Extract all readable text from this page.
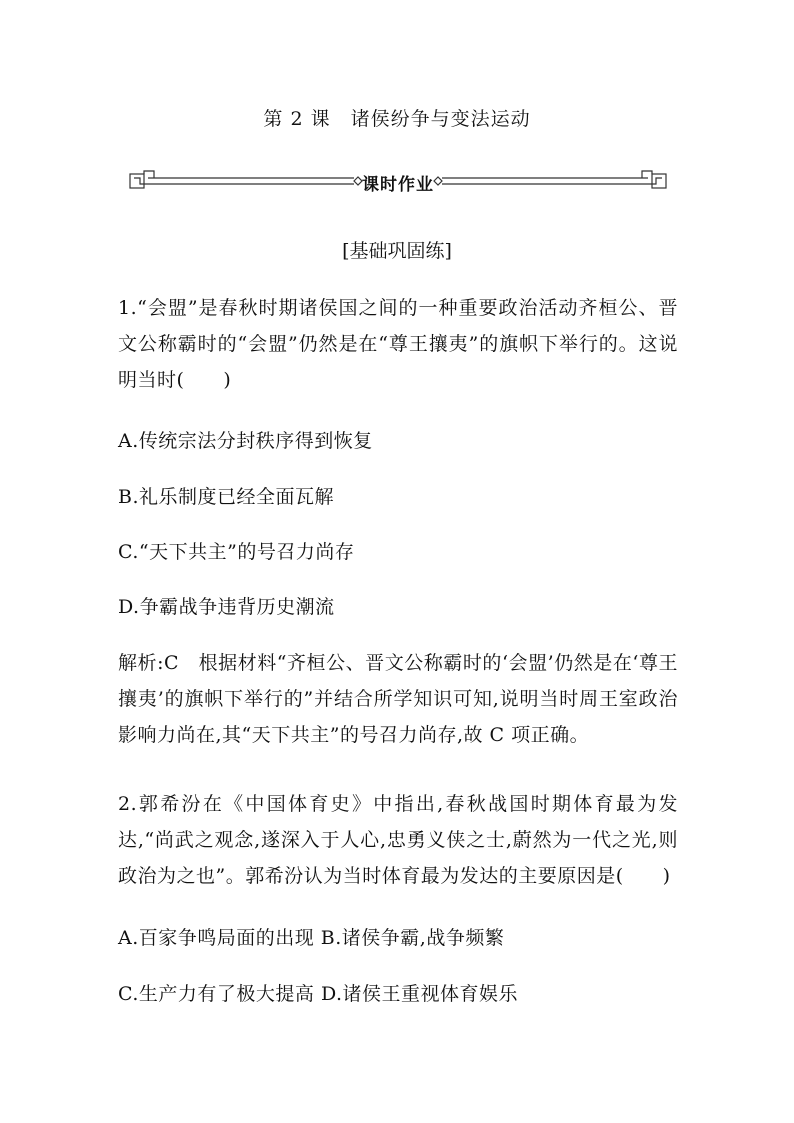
第 2 课　诸侯纷争与变法运动
课时作业
[基础巩固练]
1.“会盟”是春秋时期诸侯国之间的一种重要政治活动齐桓公、晋文公称霸时的“会盟”仍然是在“尊王攘夷”的旗帜下举行的。这说明当时(　　)
A.传统宗法分封秩序得到恢复
B.礼乐制度已经全面瓦解
C.“天下共主”的号召力尚存
D.争霸战争违背历史潮流
解析:C　根据材料“齐桓公、晋文公称霸时的‘会盟’仍然是在‘尊王攘夷’的旗帜下举行的”并结合所学知识可知,说明当时周王室政治影响力尚在,其“天下共主”的号召力尚存,故 C 项正确。
2.郭希汾在《中国体育史》中指出,春秋战国时期体育最为发达,“尚武之观念,遂深入于人心,忠勇义侠之士,蔚然为一代之光,则政治为之也”。郭希汾认为当时体育最为发达的主要原因是(　　)
A.百家争鸣局面的出现 B.诸侯争霸,战争频繁
C.生产力有了极大提高 D.诸侯王重视体育娱乐
